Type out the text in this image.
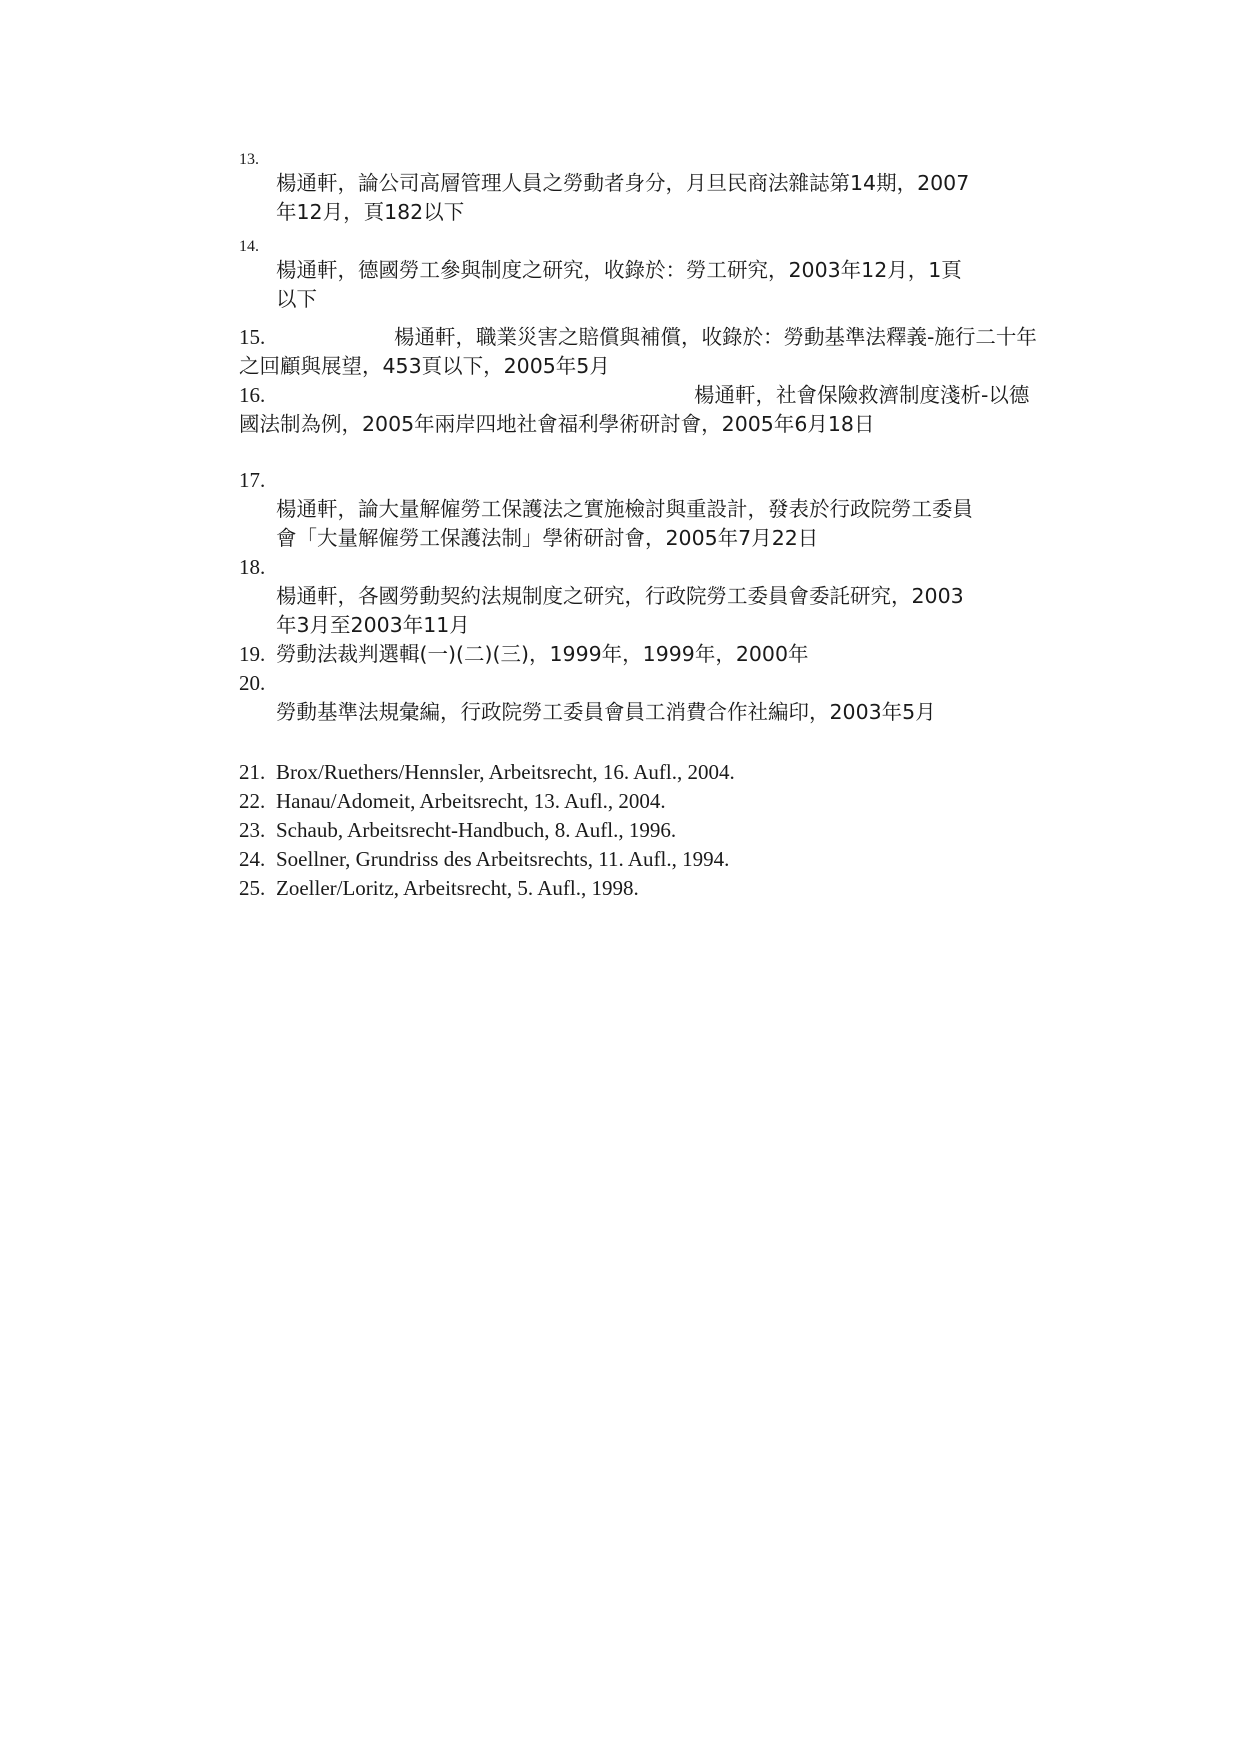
13.
楊通軒，論公司高層管理人員之勞動者身分，月旦民商法雜誌第14期，2007年12月，頁182以下
14.
楊通軒，德國勞工參與制度之研究，收錄於：勞工研究，2003年12月，1頁以下
15.	楊通軒，職業災害之賠償與補償，收錄於：勞動基準法釋義-施行二十年之回顧與展望，453頁以下，2005年5月
16.	楊通軒，社會保險救濟制度淺析-以德國法制為例，2005年兩岸四地社會福利學術研討會，2005年6月18日
17.
楊通軒，論大量解僱勞工保護法之實施檢討與重設計，發表於行政院勞工委員會「大量解僱勞工保護法制」學術研討會，2005年7月22日
18.
楊通軒，各國勞動契約法規制度之研究，行政院勞工委員會委託研究，2003年3月至2003年11月
19. 勞動法裁判選輯(一)(二)(三)，1999年，1999年，2000年
20.
勞動基準法規彙編，行政院勞工委員會員工消費合作社編印，2003年5月
21. Brox/Ruethers/Hennsler, Arbeitsrecht, 16. Aufl., 2004.
22. Hanau/Adomeit, Arbeitsrecht, 13. Aufl., 2004.
23. Schaub, Arbeitsrecht-Handbuch, 8. Aufl., 1996.
24. Soellner, Grundriss des Arbeitsrechts, 11. Aufl., 1994.
25. Zoeller/Loritz, Arbeitsrecht, 5. Aufl., 1998.
